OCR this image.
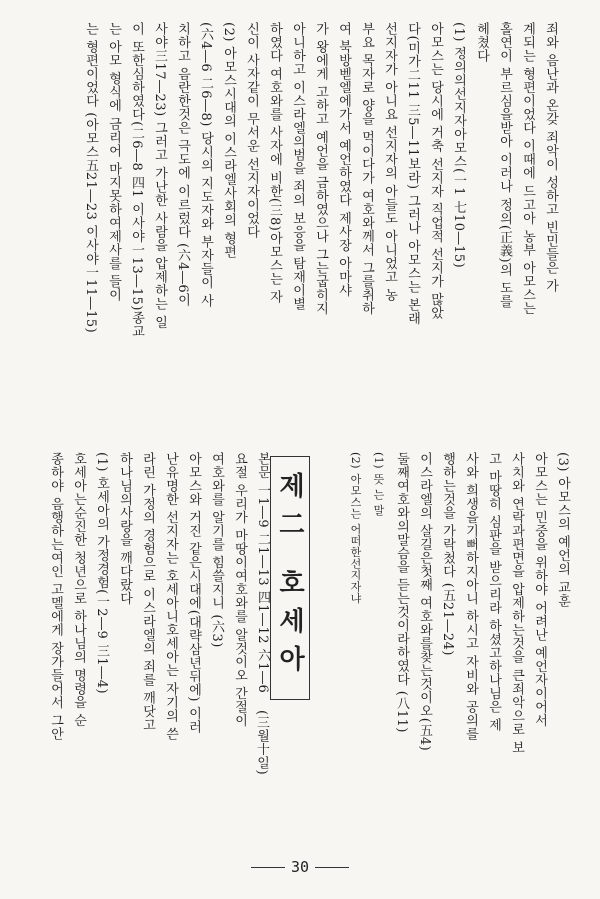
죄와 음난과 온갖 죄악이 성하고 빈민들은 가
계되는 형편이었다 이때에 드고아 농부 아모스는
홀연이 부르심을받아 이러나 정의(正義)의 도를
헤쳤다
(1) 정의의선지자아모스(一1 七10―15)
아모스는 당시에 거축 선지자 직업적 선지가 많았
다(미가二11 三5―11보라) 그러나 아모스는 본래
선지자가 아니요 선지자의 아들도 아니었고 농
부요 목자로 양을 먹이다가 여호와께서 그를취하
여 북방벧엘에가서 예언하였다 제사장 아마샤
가 왕에게 고하고 예언을 금하였으나 그는굽히지
아니하고 이스라엘의범을 죄의 보응을 탐재이별
하였다 여호와를 사자에 비한(三8)아모스는 자
신이 사자같이 무서운 선지자이었다
(2) 아모스시대의 이스라엘사회의 형편
(六4―6 二6―8) 당시의 지도자와 부자들이 사
치하고 음란한것은 극도에 이르렀다 (六4―6이
사야三17―23) 그러고 가난한 사람을 압제하는 일
이 또한심하였다(二6―8 四1 이사야一13―15)종교
는 아모 형식에 금리어 마지못하여제사를 들이
는 형편이었다 (아모스五21―23 이사야一11―15)
(3) 아모스의 예언의 교훈
아모스는 민중을 위하야 어려난 예언자이어서
사치와 연락과편면을 압제하는것을 큰죄악으로 보
고 마땅히 심판을 받으리라 하셨고하나님은 제
사와 희생을기뻐하지아니 하시고 자비와 공의를
행하는것을 가락첬다 (五21―24)
이스라엘의 살길은첫째 여호와를찾는것이오(五4)
둘째여호와의말슴을 듣는것이라하였다 (八11)
(1) 뜻 는 말
(2) 아모스는 어떠한선지자냐
제二 호세아
(三월十일)
본문 一1―9 二1―13 四1―12 六1―6
요절 우리가 마땅이여호와를 알것이오 간절이
여호와를 알기를 힘쓸지니 (六3)
아모스와 거진 같은시대에(대략삼년뒤에) 이러
난유명한 선지자는 호세아니호세아는 자기의 쓴
라린 가정의 경험으로 이스라엘의 죄를 깨닷고
하나님의사랑을 깨다랐다
(1) 호세아의 가정경험(一2―9 三1―4)
호세아는순진한 청년으로 하나님의 명령을 순
종하야 음행하는여인 고멜에게 장가들어서 그안
30
